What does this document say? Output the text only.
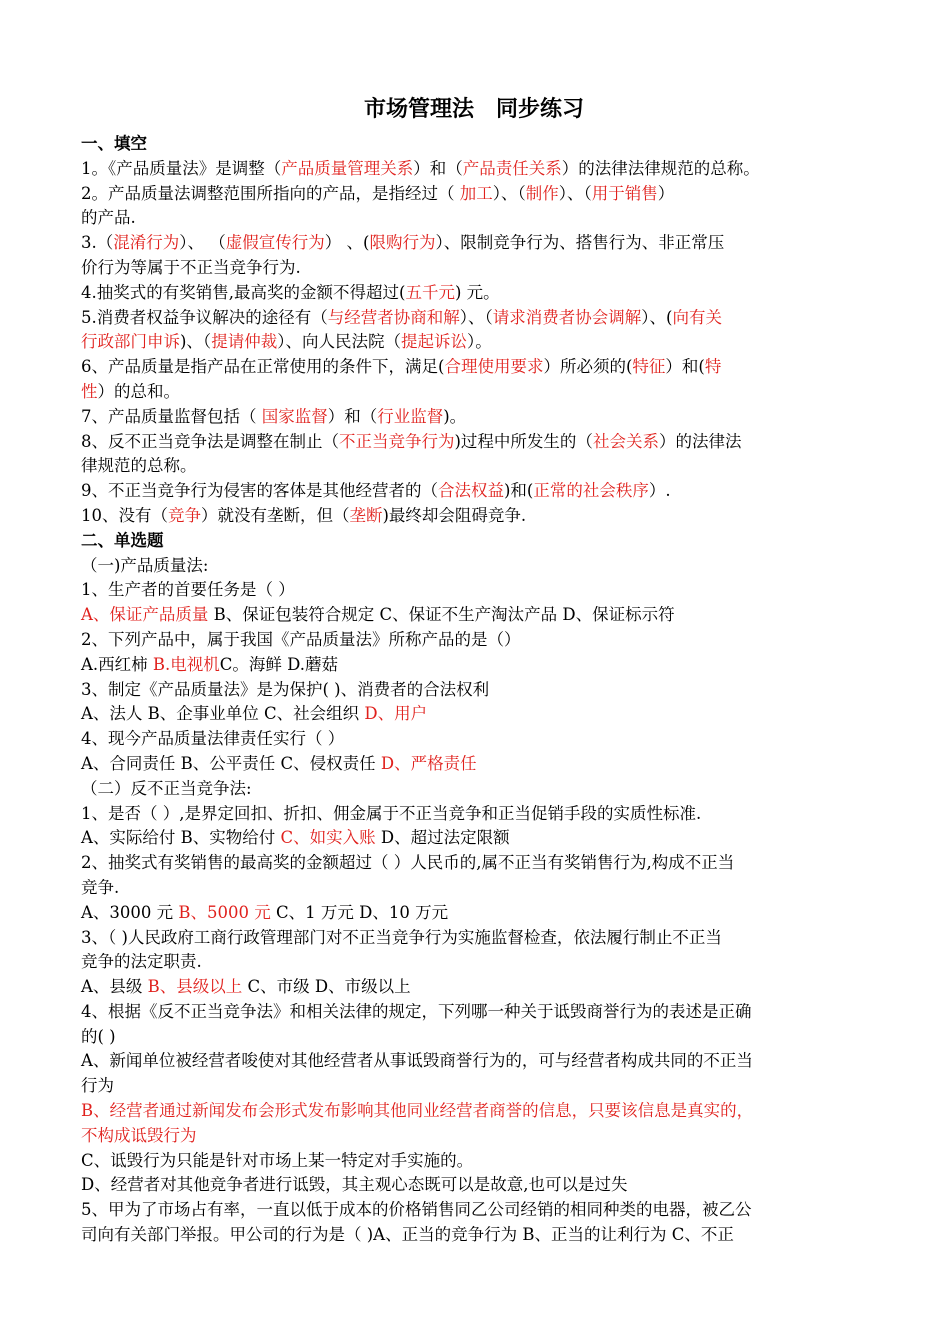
市场管理法 同步练习
一、填空
1。《产品质量法》是调整（产品质量管理关系）和（产品责任关系）的法律法律规范的总称。
2。产品质量法调整范围所指向的产品，是指经过（ 加工）、（制作）、（用于销售）
的产品.
3.（混淆行为）、 （虚假宣传行为） 、(限购行为）、限制竞争行为、搭售行为、非正常压
价行为等属于不正当竞争行为.
4.抽奖式的有奖销售,最高奖的金额不得超过(五千元) 元。
5.消费者权益争议解决的途径有（与经营者协商和解）、（请求消费者协会调解）、(向有关
行政部门申诉)、（提请仲裁）、向人民法院（提起诉讼）。
6、产品质量是指产品在正常使用的条件下，满足(合理使用要求）所必须的(特征）和(特
性）的总和。
7、产品质量监督包括（ 国家监督）和（行业监督)。
8、反不正当竞争法是调整在制止（不正当竞争行为)过程中所发生的（社会关系）的法律法
律规范的总称。
9、不正当竞争行为侵害的客体是其他经营者的（合法权益)和(正常的社会秩序）.
10、没有（竞争）就没有垄断，但（垄断)最终却会阻碍竞争.
二、单选题
（一)产品质量法:
1、生产者的首要任务是（ ）
A、保证产品质量 B、保证包装符合规定 C、保证不生产淘汰产品 D、保证标示符
2、下列产品中，属于我国《产品质量法》所称产品的是（）
A.西红柿 B.电视机C。海鲜 D.蘑菇
3、制定《产品质量法》是为保护( )、消费者的合法权利
A、法人 B、企事业单位 C、社会组织 D、用户
4、现今产品质量法律责任实行（ ）
A、合同责任 B、公平责任 C、侵权责任 D、严格责任
（二）反不正当竞争法:
1、是否（ ）,是界定回扣、折扣、佣金属于不正当竞争和正当促销手段的实质性标准.
A、实际给付 B、实物给付 C、如实入账 D、超过法定限额
2、抽奖式有奖销售的最高奖的金额超过（ ）人民币的,属不正当有奖销售行为,构成不正当
竞争.
A、3000 元 B、5000 元 C、1 万元 D、10 万元
3、（ )人民政府工商行政管理部门对不正当竞争行为实施监督检查，依法履行制止不正当
竞争的法定职责.
A、县级 B、县级以上 C、市级 D、市级以上
4、根据《反不正当竞争法》和相关法律的规定，下列哪一种关于诋毁商誉行为的表述是正确
的( )
A、新闻单位被经营者唆使对其他经营者从事诋毁商誉行为的，可与经营者构成共同的不正当
行为
B、经营者通过新闻发布会形式发布影响其他同业经营者商誉的信息，只要该信息是真实的，
不构成诋毁行为
C、诋毁行为只能是针对市场上某一特定对手实施的。
D、经营者对其他竞争者进行诋毁，其主观心态既可以是故意,也可以是过失
5、甲为了市场占有率，一直以低于成本的价格销售同乙公司经销的相同种类的电器，被乙公
司向有关部门举报。甲公司的行为是（ )A、正当的竞争行为 B、正当的让利行为 C、不正
